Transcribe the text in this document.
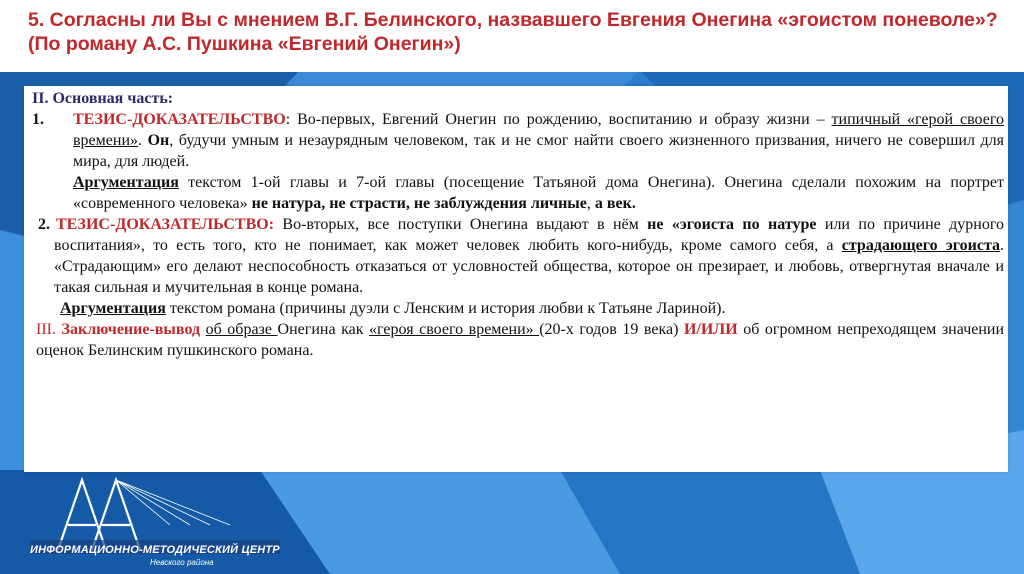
5. Согласны ли Вы с мнением В.Г. Белинского, назвавшего Евгения Онегина «эгоистом поневоле»? (По роману А.С. Пушкина «Евгений Онегин»)

II. Основная часть:

1. ТЕЗИС-ДОКАЗАТЕЛЬСТВО: Во-первых, Евгений Онегин по рождению, воспитанию и образу жизни – типичный «герой своего времени». Он, будучи умным и незаурядным человеком, так и не смог найти своего жизненного призвания, ничего не совершил для мира, для людей.

Аргументация текстом 1-ой главы и 7-ой главы (посещение Татьяной дома Онегина). Онегина сделали похожим на портрет «современного человека» не натура, не страсти, не заблуждения личные, а век.

2. ТЕЗИС-ДОКАЗАТЕЛЬСТВО: Во-вторых, все поступки Онегина выдают в нём не «эгоиста по натуре или по причине дурного воспитания», то есть того, кто не понимает, как может человек любить кого-нибудь, кроме самого себя, а страдающего эгоиста. «Страдающим» его делают неспособность отказаться от условностей общества, которое он презирает, и любовь, отвергнутая вначале и такая сильная и мучительная в конце романа.

Аргументация текстом романа (причины дуэли с Ленским и история любви к Татьяне Лариной).

III. Заключение-вывод об образе Онегина как «героя своего времени» (20-х годов 19 века) И/ИЛИ об огромном непреходящем значении оценок Белинским пушкинского романа.

ИНФОРМАЦИОННО-МЕТОДИЧЕСКИЙ ЦЕНТР
Невского района
